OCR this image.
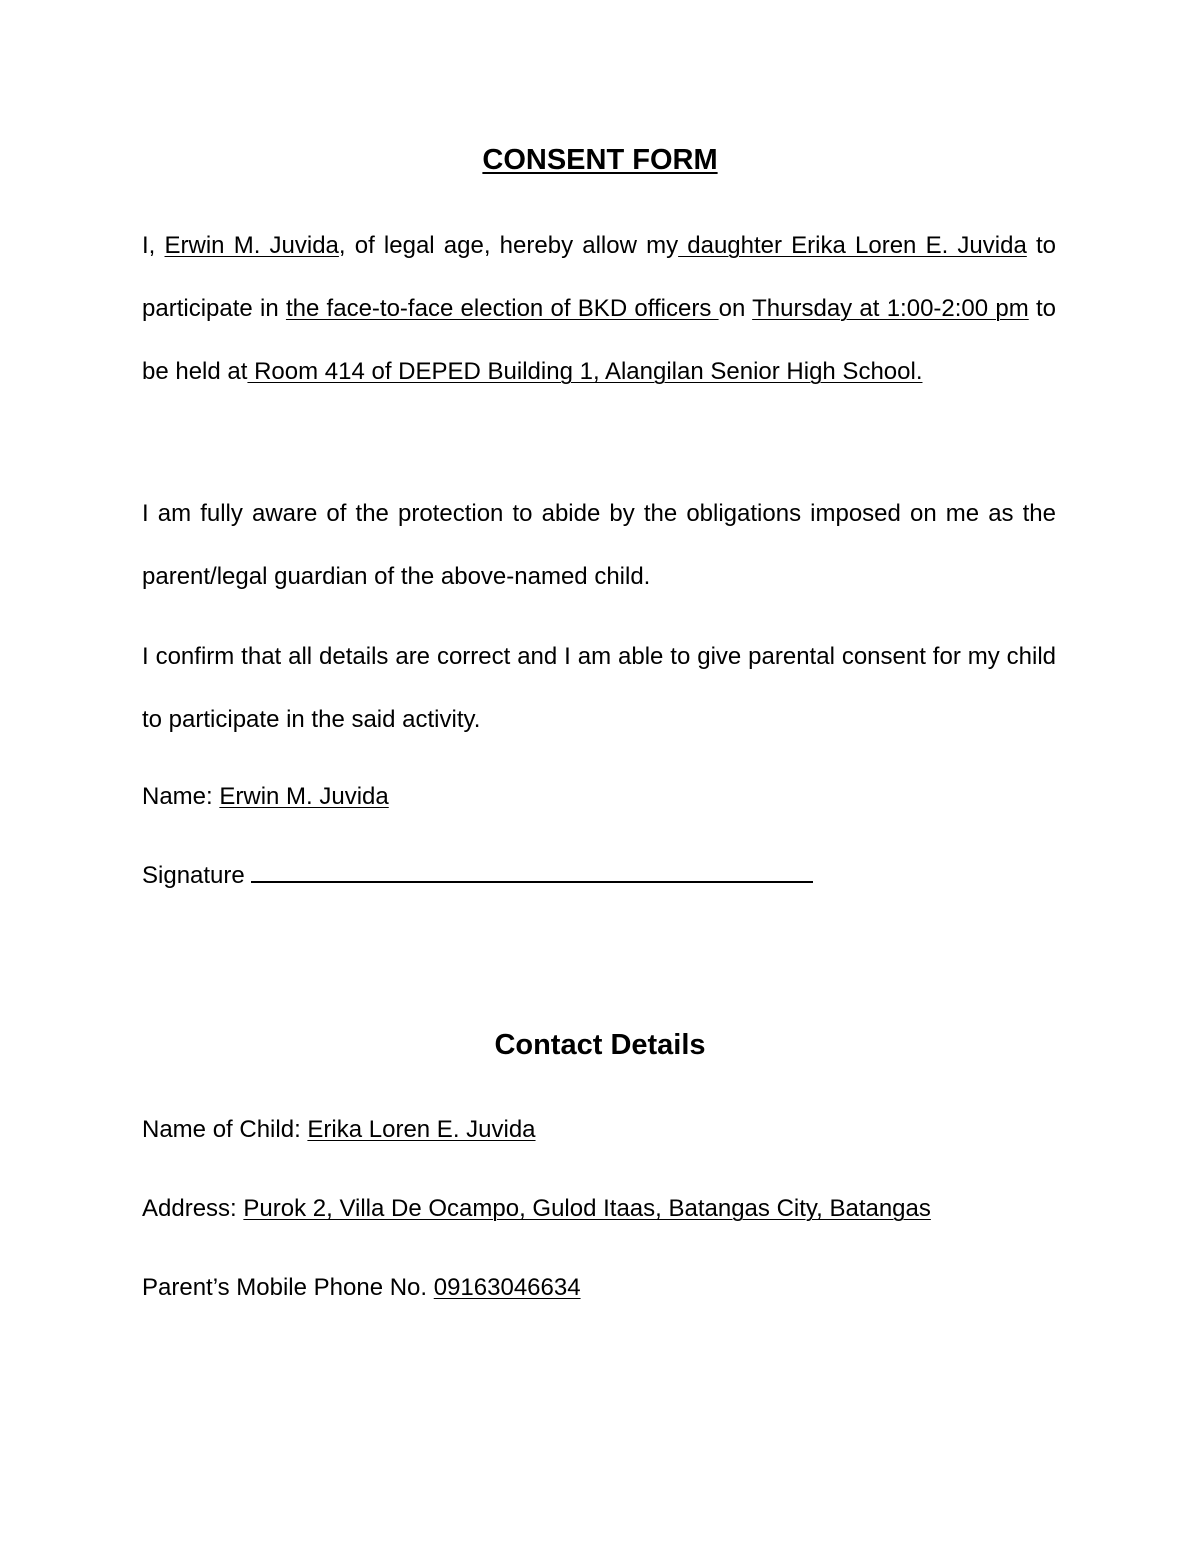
CONSENT FORM
I, Erwin M. Juvida, of legal age, hereby allow my daughter Erika Loren E. Juvida to participate in the face-to-face election of BKD officers on Thursday at 1:00-2:00 pm to be held at Room 414 of DEPED Building 1, Alangilan Senior High School.
I am fully aware of the protection to abide by the obligations imposed on me as the parent/legal guardian of the above-named child.
I confirm that all details are correct and I am able to give parental consent for my child to participate in the said activity.
Name: Erwin M. Juvida
Signature
Contact Details
Name of Child: Erika Loren E. Juvida
Address: Purok 2, Villa De Ocampo, Gulod Itaas, Batangas City, Batangas
Parent’s Mobile Phone No. 09163046634
